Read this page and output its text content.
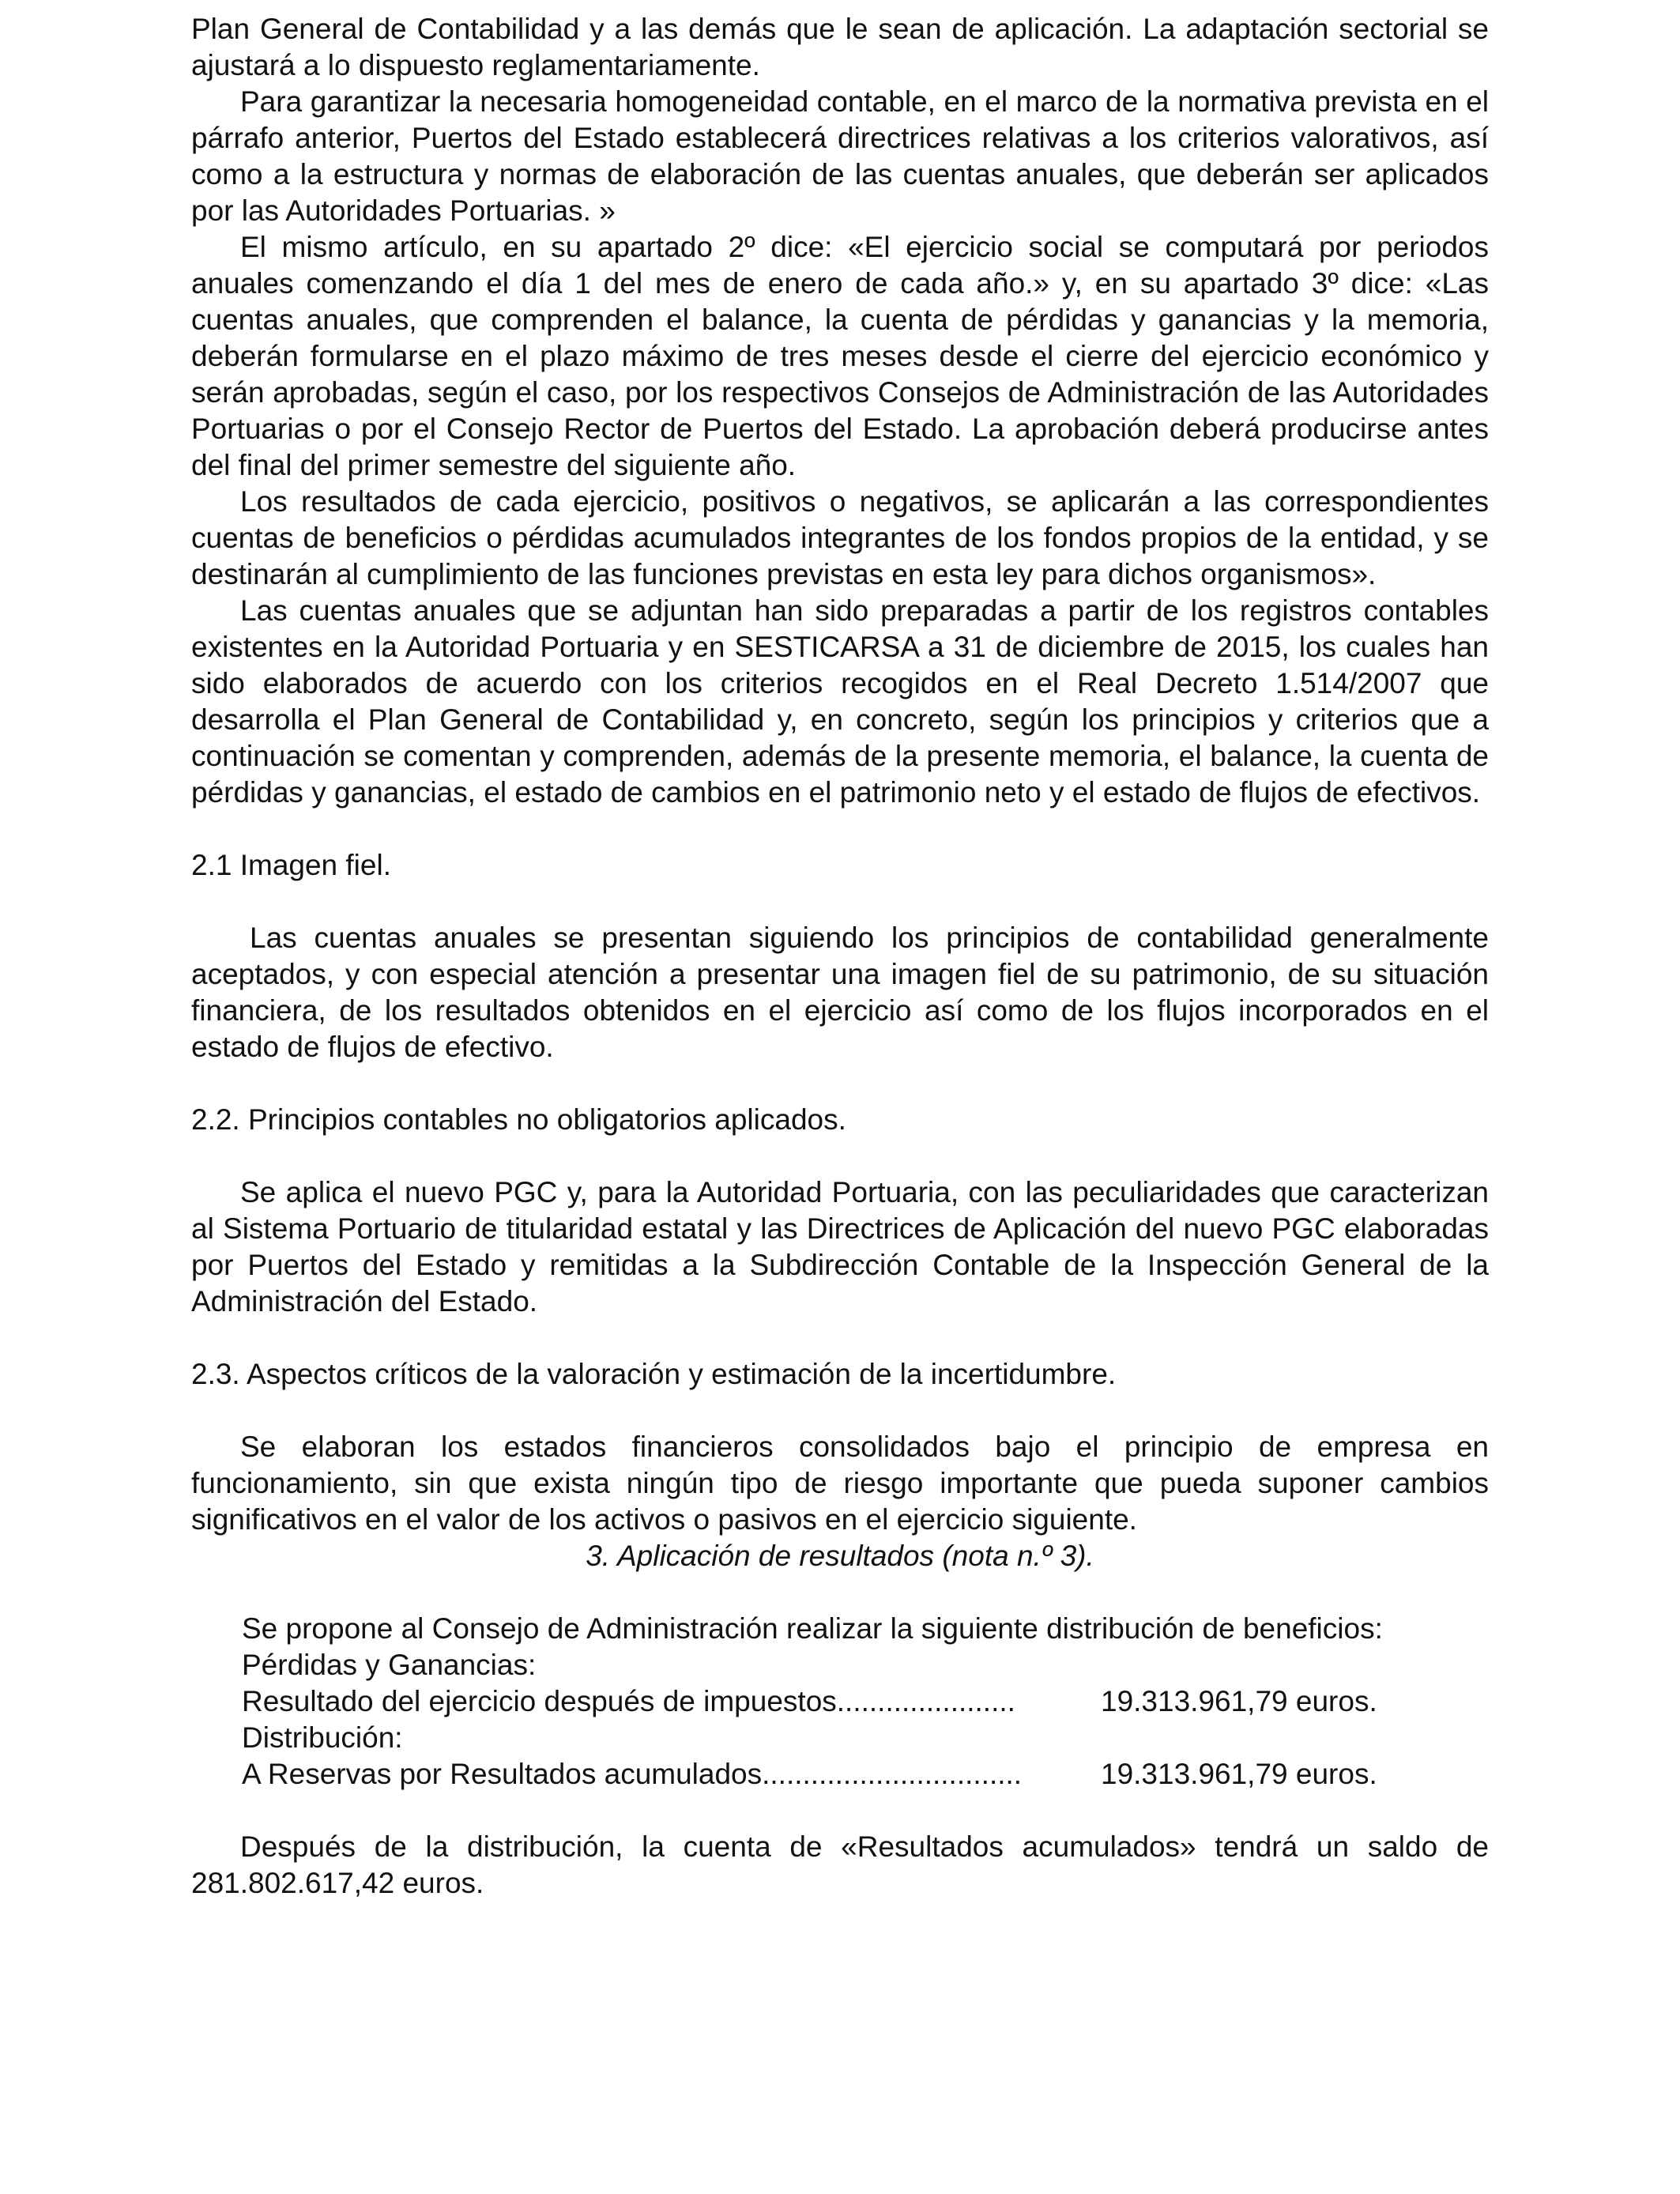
Plan General de Contabilidad y a las demás que le sean de aplicación. La adaptación sectorial se ajustará a lo dispuesto reglamentariamente.

Para garantizar la necesaria homogeneidad contable, en el marco de la normativa prevista en el párrafo anterior, Puertos del Estado establecerá directrices relativas a los criterios valorativos, así como a la estructura y normas de elaboración de las cuentas anuales, que deberán ser aplicados por las Autoridades Portuarias. »

El mismo artículo, en su apartado 2º dice: «El ejercicio social se computará por periodos anuales comenzando el día 1 del mes de enero de cada año.» y, en su apartado 3º dice: «Las cuentas anuales, que comprenden el balance, la cuenta de pérdidas y ganancias y la memoria, deberán formularse en el plazo máximo de tres meses desde el cierre del ejercicio económico y serán aprobadas, según el caso, por los respectivos Consejos de Administración de las Autoridades Portuarias o por el Consejo Rector de Puertos del Estado. La aprobación deberá producirse antes del final del primer semestre del siguiente año.

Los resultados de cada ejercicio, positivos o negativos, se aplicarán a las correspondientes cuentas de beneficios o pérdidas acumulados integrantes de los fondos propios de la entidad, y se destinarán al cumplimiento de las funciones previstas en esta ley para dichos organismos».

Las cuentas anuales que se adjuntan han sido preparadas a partir de los registros contables existentes en la Autoridad Portuaria y en SESTICARSA a 31 de diciembre de 2015, los cuales han sido elaborados de acuerdo con los criterios recogidos en el Real Decreto 1.514/2007 que desarrolla el Plan General de Contabilidad y, en concreto, según los principios y criterios que a continuación se comentan y comprenden, además de la presente memoria, el balance, la cuenta de pérdidas y ganancias, el estado de cambios en el patrimonio neto y el estado de flujos de efectivos.

2.1 Imagen fiel.

Las cuentas anuales se presentan siguiendo los principios de contabilidad generalmente aceptados, y con especial atención a presentar una imagen fiel de su patrimonio, de su situación financiera, de los resultados obtenidos en el ejercicio así como de los flujos incorporados en el estado de flujos de efectivo.

2.2. Principios contables no obligatorios aplicados.

Se aplica el nuevo PGC y, para la Autoridad Portuaria, con las peculiaridades que caracterizan al Sistema Portuario de titularidad estatal y las Directrices de Aplicación del nuevo PGC elaboradas por Puertos del Estado y remitidas a la Subdirección Contable de la Inspección General de la Administración del Estado.

2.3. Aspectos críticos de la valoración y estimación de la incertidumbre.

Se elaboran los estados financieros consolidados bajo el principio de empresa en funcionamiento, sin que exista ningún tipo de riesgo importante que pueda suponer cambios significativos en el valor de los activos o pasivos en el ejercicio siguiente.

3. Aplicación de resultados (nota n.º 3).

Se propone al Consejo de Administración realizar la siguiente distribución de beneficios:

Pérdidas y Ganancias:

Resultado del ejercicio después de impuestos......................	19.313.961,79 euros.

Distribución:

A Reservas por Resultados acumulados................................	19.313.961,79 euros.

Después de la distribución, la cuenta de «Resultados acumulados» tendrá un saldo de 281.802.617,42 euros.
